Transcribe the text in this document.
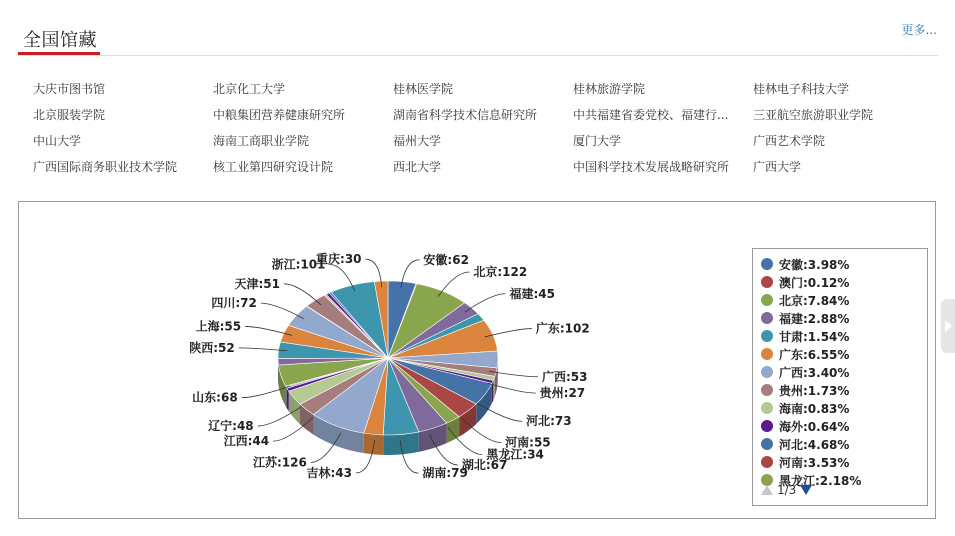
全国馆藏	更多...
大庆市图书馆	北京化工大学	桂林医学院	桂林旅游学院	桂林电子科技大学
北京服装学院	中粮集团营养健康研究所	湖南省科学技术信息研究所	中共福建省委党校、福建行...	三亚航空旅游职业学院
中山大学	海南工商职业学院	福州大学	厦门大学	广西艺术学院
广西国际商务职业技术学院	核工业第四研究设计院	西北大学	中国科学技术发展战略研究所	广西大学
安徽:62
北京:122
福建:45
广东:102
广西:53
贵州:27
河北:73
河南:55
黑龙江:34
湖北:67
湖南:79
吉林:43
江苏:126
江西:44
辽宁:48
山东:68
陕西:52
上海:55
四川:72
天津:51
浙江:101
重庆:30	安徽:3.98%
澳门:0.12%
北京:7.84%
福建:2.88%
甘肃:1.54%
广东:6.55%
广西:3.40%
贵州:1.73%
海南:0.83%
海外:0.64%
河北:4.68%
河南:3.53%
黑龙江:2.18%
1/3
